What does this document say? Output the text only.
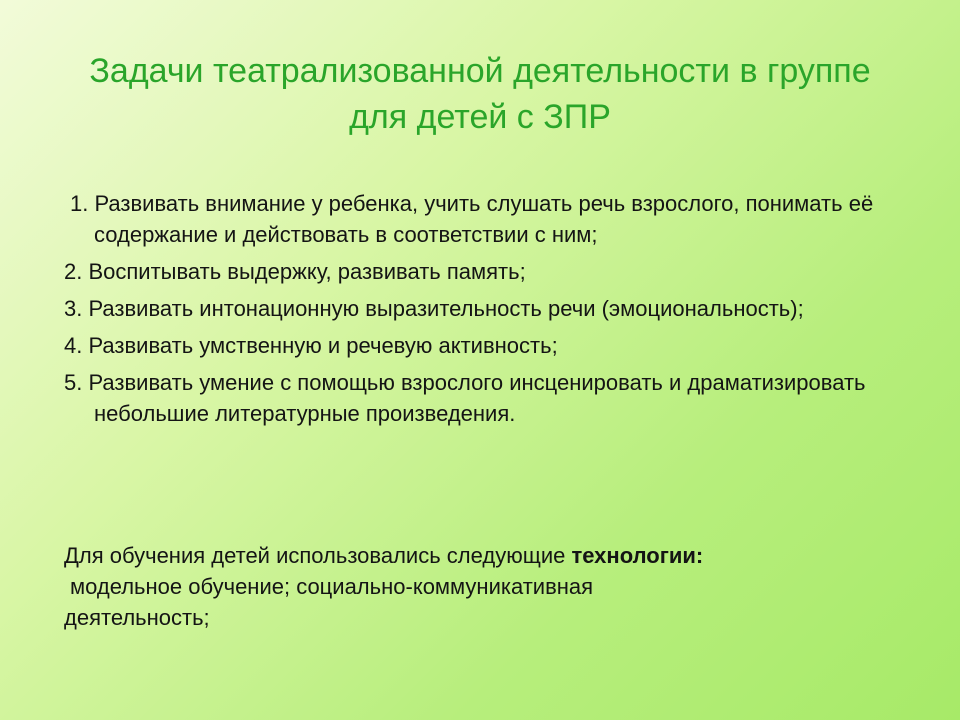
Задачи театрализованной деятельности в группе для детей с ЗПР
1. Развивать внимание у ребенка, учить слушать речь взрослого, понимать её содержание и действовать в соответствии с ним;
2. Воспитывать выдержку, развивать память;
3. Развивать интонационную выразительность речи (эмоциональность);
4. Развивать умственную и речевую активность;
5. Развивать умение с помощью взрослого инсценировать и драматизировать небольшие литературные произведения.
Для обучения детей использовались следующие технологии:
модельное обучение; социально-коммуникативная
деятельность;
